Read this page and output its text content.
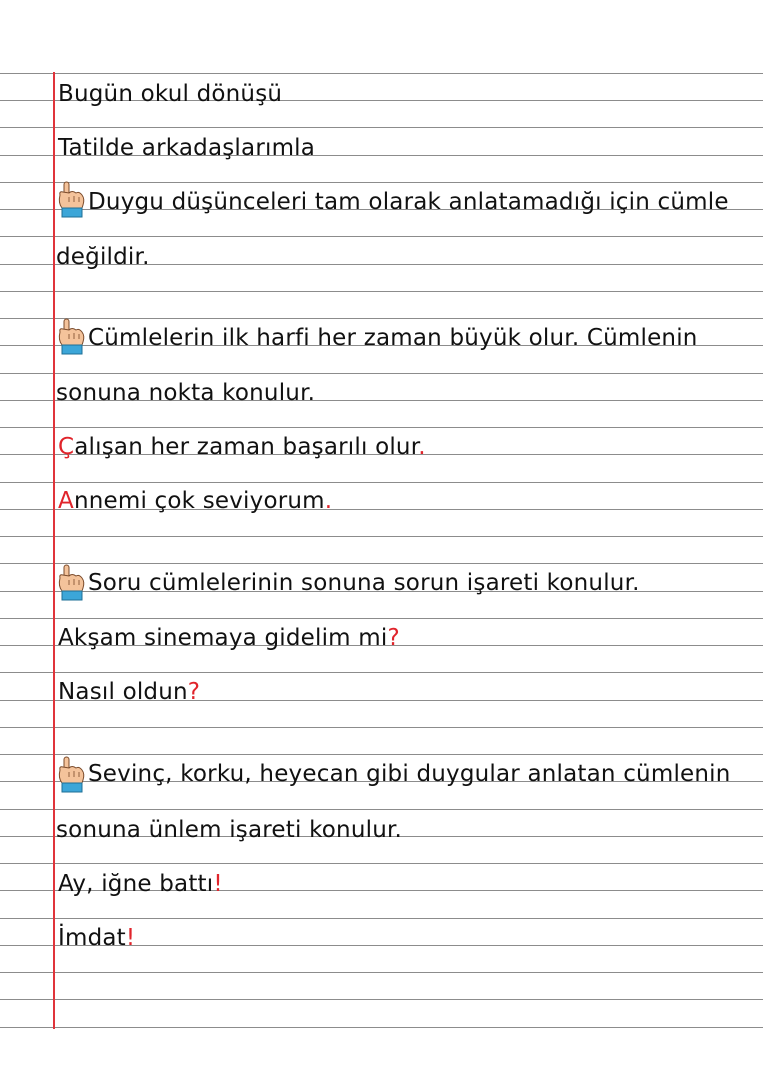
Bugün okul dönüşü
Tatilde arkadaşlarımla
Duygu düşünceleri tam olarak anlatamadığı için cümle
değildir.
Cümlelerin ilk harfi her zaman büyük olur. Cümlenin
sonuna nokta konulur.
Çalışan her zaman başarılı olur.
Annemi çok seviyorum.
Soru cümlelerinin sonuna sorun işareti konulur.
Akşam sinemaya gidelim mi?
Nasıl oldun?
Sevinç, korku, heyecan gibi duygular anlatan cümlenin
sonuna ünlem işareti konulur.
Ay, iğne battı!
İmdat!
